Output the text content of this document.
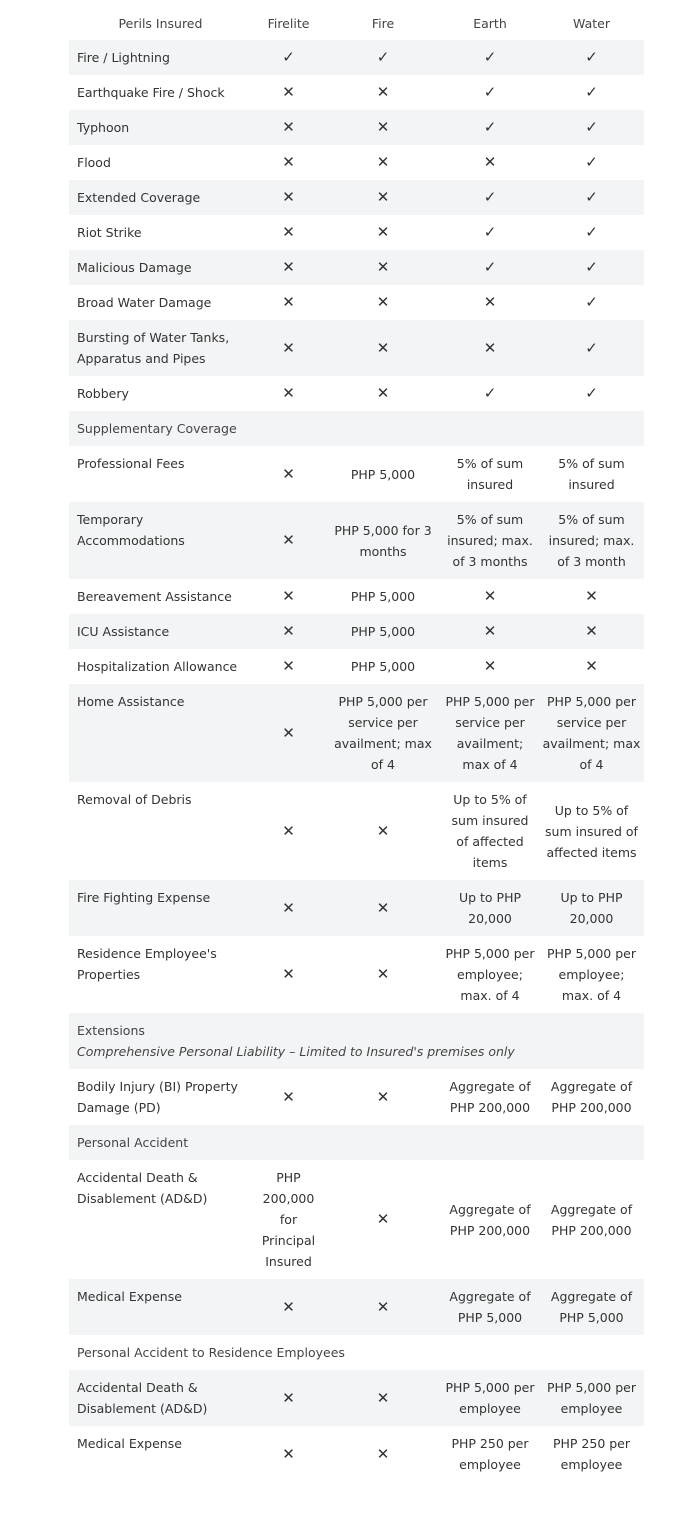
Perils Insured	Firelite	Fire	Earth	Water
Fire / Lightning	✓	✓	✓	✓
Earthquake Fire / Shock	✕	✕	✓	✓
Typhoon	✕	✕	✓	✓
Flood	✕	✕	✕	✓
Extended Coverage	✕	✕	✓	✓
Riot Strike	✕	✕	✓	✓
Malicious Damage	✕	✕	✓	✓
Broad Water Damage	✕	✕	✕	✓
Bursting of Water Tanks, Apparatus and Pipes	✕	✕	✕	✓
Robbery	✕	✕	✓	✓
Supplementary Coverage				
Professional Fees	✕	PHP 5,000	5% of sum insured	5% of sum insured
Temporary Accommodations	✕	PHP 5,000 for 3 months	5% of sum insured; max. of 3 months	5% of sum insured; max. of 3 month
Bereavement Assistance	✕	PHP 5,000	✕	✕
ICU Assistance	✕	PHP 5,000	✕	✕
Hospitalization Allowance	✕	PHP 5,000	✕	✕
Home Assistance	✕	PHP 5,000 per service per availment; max of 4	PHP 5,000 per service per availment; max of 4	PHP 5,000 per service per availment; max of 4
Removal of Debris	✕	✕	Up to 5% of sum insured of affected items	Up to 5% of sum insured of affected items
Fire Fighting Expense	✕	✕	Up to PHP 20,000	Up to PHP 20,000
Residence Employee's Properties	✕	✕	PHP 5,000 per employee; max. of 4	PHP 5,000 per employee; max. of 4
Extensions
Comprehensive Personal Liability – Limited to Insured's premises only				

Bodily Injury (BI) Property Damage (PD)	✕	✕	Aggregate of PHP 200,000	Aggregate of PHP 200,000
Personal Accident				
Accidental Death & Disablement (AD&D)	PHP 200,000 for Principal Insured	✕	Aggregate of PHP 200,000	Aggregate of PHP 200,000
Medical Expense	✕	✕	Aggregate of PHP 5,000	Aggregate of PHP 5,000
Personal Accident to Residence Employees				
Accidental Death & Disablement (AD&D)	✕	✕	PHP 5,000 per employee	PHP 5,000 per employee
Medical Expense	✕	✕	PHP 250 per employee	PHP 250 per employee
